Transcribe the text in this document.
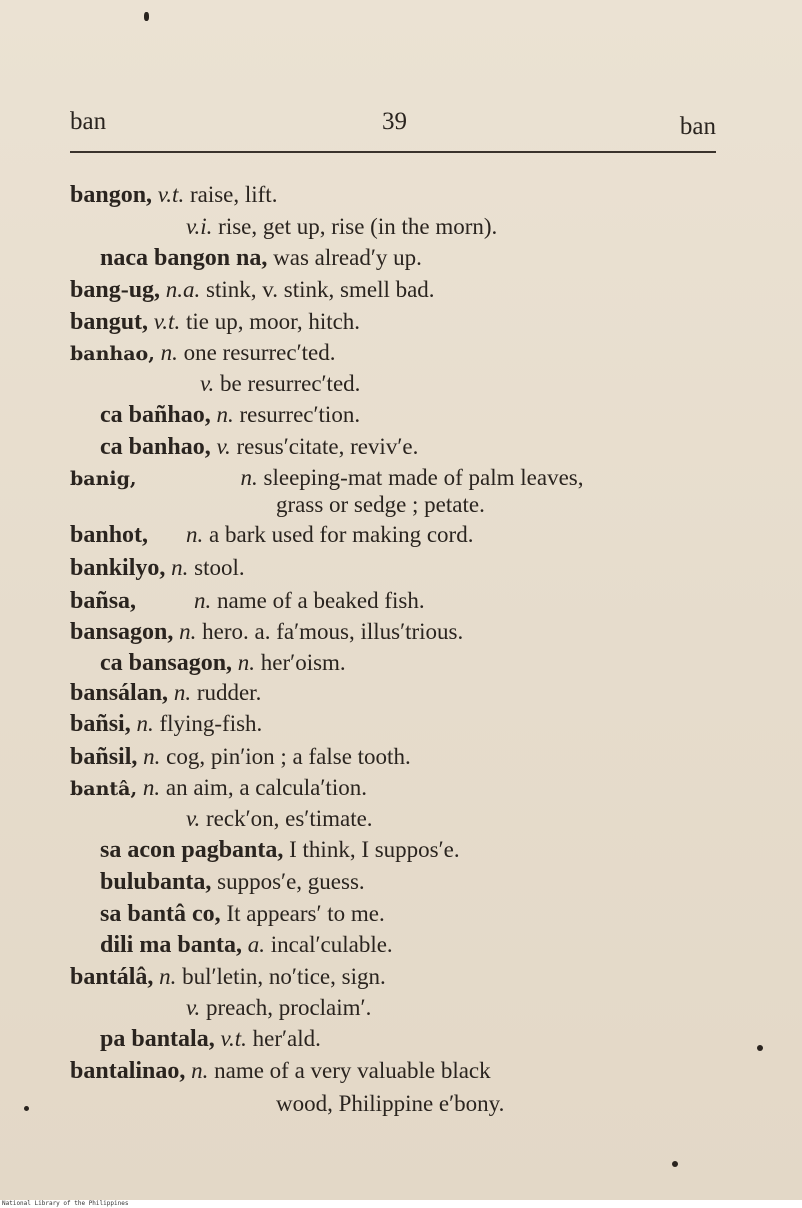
ban	39	ban
bangon, v.t. raise, lift.
v.i. rise, get up, rise (in the morn).
naca bangon na, was alread′y up.
bang-ug, n.a. stink, v. stink, smell bad.
bangut, v.t. tie up, moor, hitch.
banhao, n. one resurrec′ted.
v. be resurrec′ted.
ca bañhao, n. resurrec′tion.
ca banhao, v. resus′citate, reviv′e.
banig,	n. sleeping-mat made of palm leaves,
grass or sedge ; petate.
banhot, n. a bark used for making cord.
bankilyo, n. stool.
bañsa,	n. name of a beaked fish.
bansagon, n. hero. a. fa′mous, illus′trious.
ca bansagon, n. her′oism.
bansálan, n. rudder.
bañsi, n. flying-fish.
bañsil, n. cog, pin′ion ; a false tooth.
bantâ, n. an aim, a calcula′tion.
v. reck′on, es′timate.
sa acon pagbanta, I think, I suppos′e.
bulubanta, suppos′e, guess.
sa bantâ co, It appears′ to me.
dili ma banta, a. incal′culable.
bantálâ, n. bul′letin, no′tice, sign.
v. preach, proclaim′.
pa bantala, v.t. her′ald.
bantalinao, n. name of a very valuable black
wood, Philippine e′bony.
National Library of the Philippines
